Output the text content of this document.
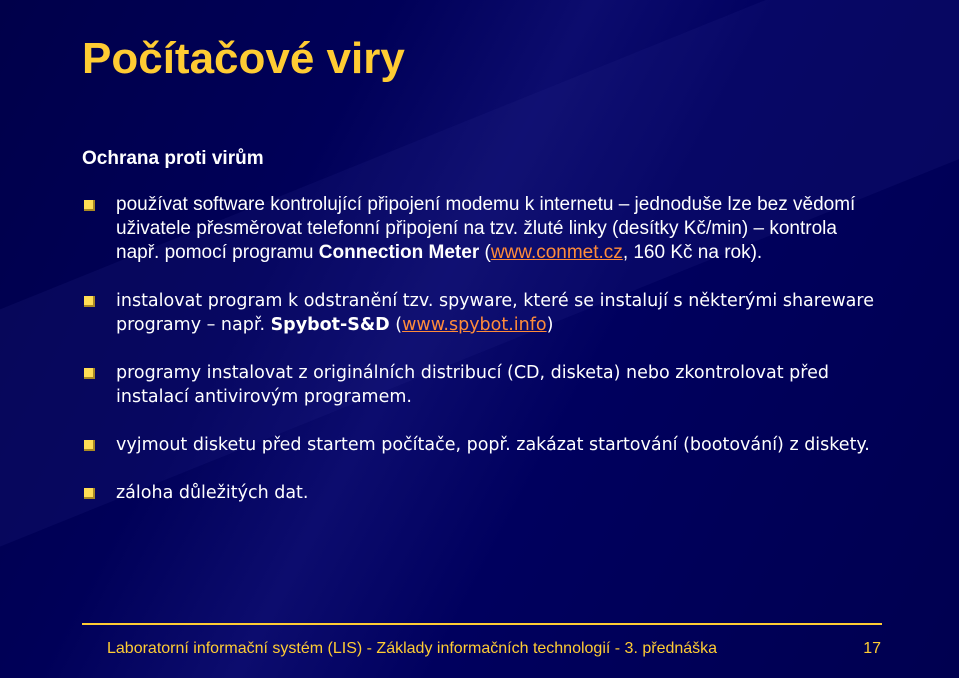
Počítačové viry
Ochrana proti virům
používat software kontrolující připojení modemu k internetu – jednoduše lze bez vědomí uživatele přesměrovat telefonní připojení na tzv. žluté linky (desítky Kč/min) – kontrola např. pomocí programu Connection Meter (www.conmet.cz, 160 Kč na rok).
instalovat program k odstranění tzv. spyware, které se instalují s některými shareware programy – např. Spybot-S&D (www.spybot.info)
programy instalovat z originálních distribucí (CD, disketa) nebo zkontrolovat před instalací antivirovým programem.
vyjmout disketu před startem počítače, popř. zakázat startování (bootování) z diskety.
záloha důležitých dat.
Laboratorní informační systém (LIS) - Základy informačních technologií - 3. přednáška	17
